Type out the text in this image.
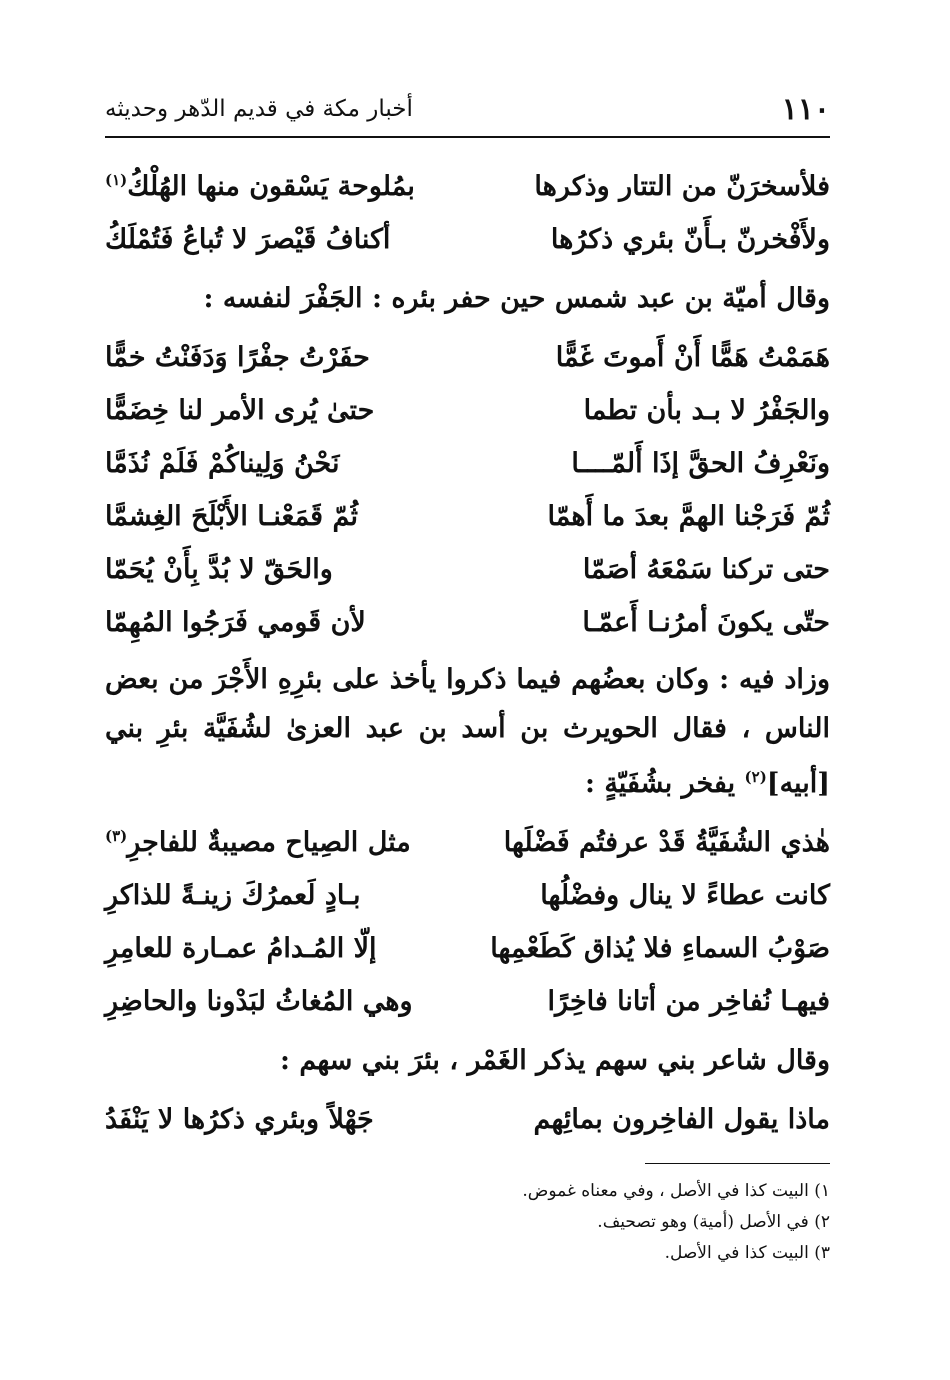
١١٠
أخبار مكة في قديم الدّهر وحديثه
فلأسخرَنّ من التتار وذكرها
بمُلوحة يَسْقون منها الهُلْكُ$^{(١)}$
ولأَفْخرنّ بـأَنّ بئري ذكرُها
أكنافُ قَيْصرَ لا تُباعُ فَتُمْلَكُ

وقال أميّة بن عبد شمس حين حفر بئره : الجَفْرَ لنفسه :

هَمَمْتُ هَمًّا أَنْ أَموتَ غَمًّا
حفَرْتُ جفْرًا وَدَفَنْتُ خمًّا
والجَفْرُ لا بـد بأن تطما
حتىٰ يُرى الأمر لنا خِضَمًّا
ونَعْرِفُ الحقَّ إذَا أَلمّــــا
نَحْنُ وَلِيناكُمْ فَلَمْ نُذَمَّا
ثُمّ فَرَجْنا الهمَّ بعدَ ما أَهمّا
ثُمّ قَمَعْنـا الأَبْلَحَ الغِشمَّا
حتى تركنا سَمْعَهُ أصَمّا
والحَقّ لا بُدَّ بِأَنْ يُحَمّا
حتّى يكونَ أمرُنـا أَعمّـا
لأن قَومي فَرَجُوا المُهِمّا

وزاد فيه : وكان بعضُهم فيما ذكروا يأخذ على بئرِهِ الأَجْرَ من بعض الناس ، فقال الحويرث بن أسد بن عبد العزىٰ لشُفَيَّة بئرِ بني [أبيه]$^{(٢)}$ يفخر بشُفَيّةٍ :

هٰذي الشُفَيَّةُ قَدْ عرفتُم فَضْلَها
مثل الصِياح مصيبةٌ للفاجرِ$^{(٣)}$
كانت عطاءً لا ينال وفضْلُها
بـادٍ لَعمرُكَ زينـةً للذاكرِ
صَوْبُ السماءِ فلا يُذاق كَطَعْمِها
إلّا المُـدامُ عمـارة للعامِرِ
فيهـا نُفاخِر من أتانا فاخِرًا
وهي المُغاثُ لبَدْونا والحاضِرِ

وقال شاعر بني سهم يذكر الغَمْر ، بئرَ بني سهم :

ماذا يقول الفاخِرون بمائِهم
جَهْلاً وبئري ذكرُها لا يَنْفَدُ
١) البيت كذا في الأصل ، وفي معناه غموض.
٢) في الأصل (أمية) وهو تصحيف.
٣) البيت كذا في الأصل.
